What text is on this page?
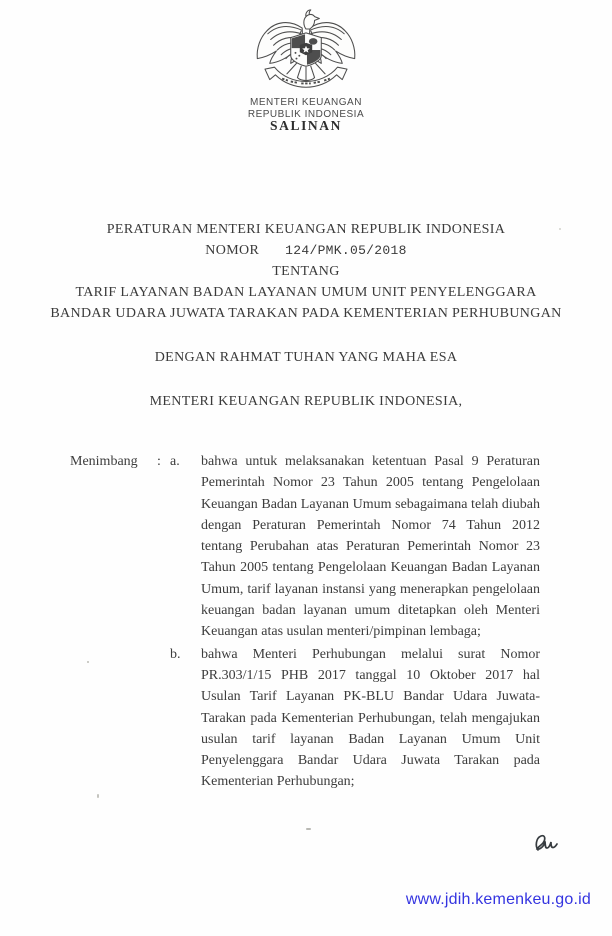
MENTERI KEUANGAN
REPUBLIK INDONESIA
SALINAN
PERATURAN MENTERI KEUANGAN REPUBLIK INDONESIA
NOMOR 124/PMK.05/2018
TENTANG
TARIF LAYANAN BADAN LAYANAN UMUM UNIT PENYELENGGARA
BANDAR UDARA JUWATA TARAKAN PADA KEMENTERIAN PERHUBUNGAN
DENGAN RAHMAT TUHAN YANG MAHA ESA
MENTERI KEUANGAN REPUBLIK INDONESIA,
Menimbang	: a.	bahwa untuk melaksanakan ketentuan Pasal 9 Peraturan Pemerintah Nomor 23 Tahun 2005 tentang Pengelolaan Keuangan Badan Layanan Umum sebagaimana telah diubah dengan Peraturan Pemerintah Nomor 74 Tahun 2012 tentang Perubahan atas Peraturan Pemerintah Nomor 23 Tahun 2005 tentang Pengelolaan Keuangan Badan Layanan Umum, tarif layanan instansi yang menerapkan pengelolaan keuangan badan layanan umum ditetapkan oleh Menteri Keuangan atas usulan menteri/pimpinan lembaga;
b.	bahwa Menteri Perhubungan melalui surat Nomor PR.303/1/15 PHB 2017 tanggal 10 Oktober 2017 hal Usulan Tarif Layanan PK-BLU Bandar Udara Juwata-Tarakan pada Kementerian Perhubungan, telah mengajukan usulan tarif layanan Badan Layanan Umum Unit Penyelenggara Bandar Udara Juwata Tarakan pada Kementerian Perhubungan;
www.jdih.kemenkeu.go.id
